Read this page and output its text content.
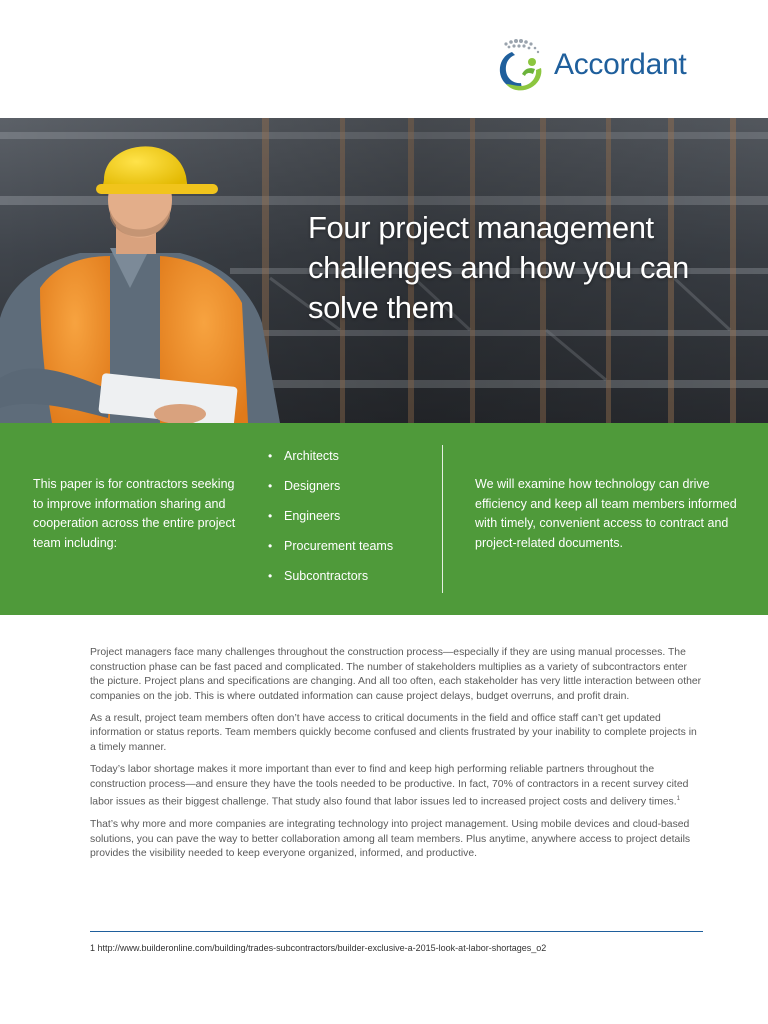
Accordant
Four project management challenges and how you can solve them
This paper is for contractors seeking to improve information sharing and cooperation across the entire project team including:
• Architects
• Designers
• Engineers
• Procurement teams
• Subcontractors
We will examine how technology can drive efficiency and keep all team members informed with timely, convenient access to contract and project-related documents.

Project managers face many challenges throughout the construction process—especially if they are using manual processes. The construction phase can be fast paced and complicated. The number of stakeholders multiplies as a variety of subcontractors enter the picture. Project plans and specifications are changing. And all too often, each stakeholder has very little interaction between other companies on the job. This is where outdated information can cause project delays, budget overruns, and profit drain.

As a result, project team members often don’t have access to critical documents in the field and office staff can’t get updated information or status reports. Team members quickly become confused and clients frustrated by your inability to complete projects in a timely manner.

Today’s labor shortage makes it more important than ever to find and keep high performing reliable partners throughout the construction process—and ensure they have the tools needed to be productive. In fact, 70% of contractors in a recent survey cited labor issues as their biggest challenge. That study also found that labor issues led to increased project costs and delivery times.$^1$

That’s why more and more companies are integrating technology into project management. Using mobile devices and cloud-based solutions, you can pave the way to better collaboration among all team members. Plus anytime, anywhere access to project details provides the visibility needed to keep everyone organized, informed, and productive.

1 http://www.builderonline.com/building/trades-subcontractors/builder-exclusive-a-2015-look-at-labor-shortages_o2
